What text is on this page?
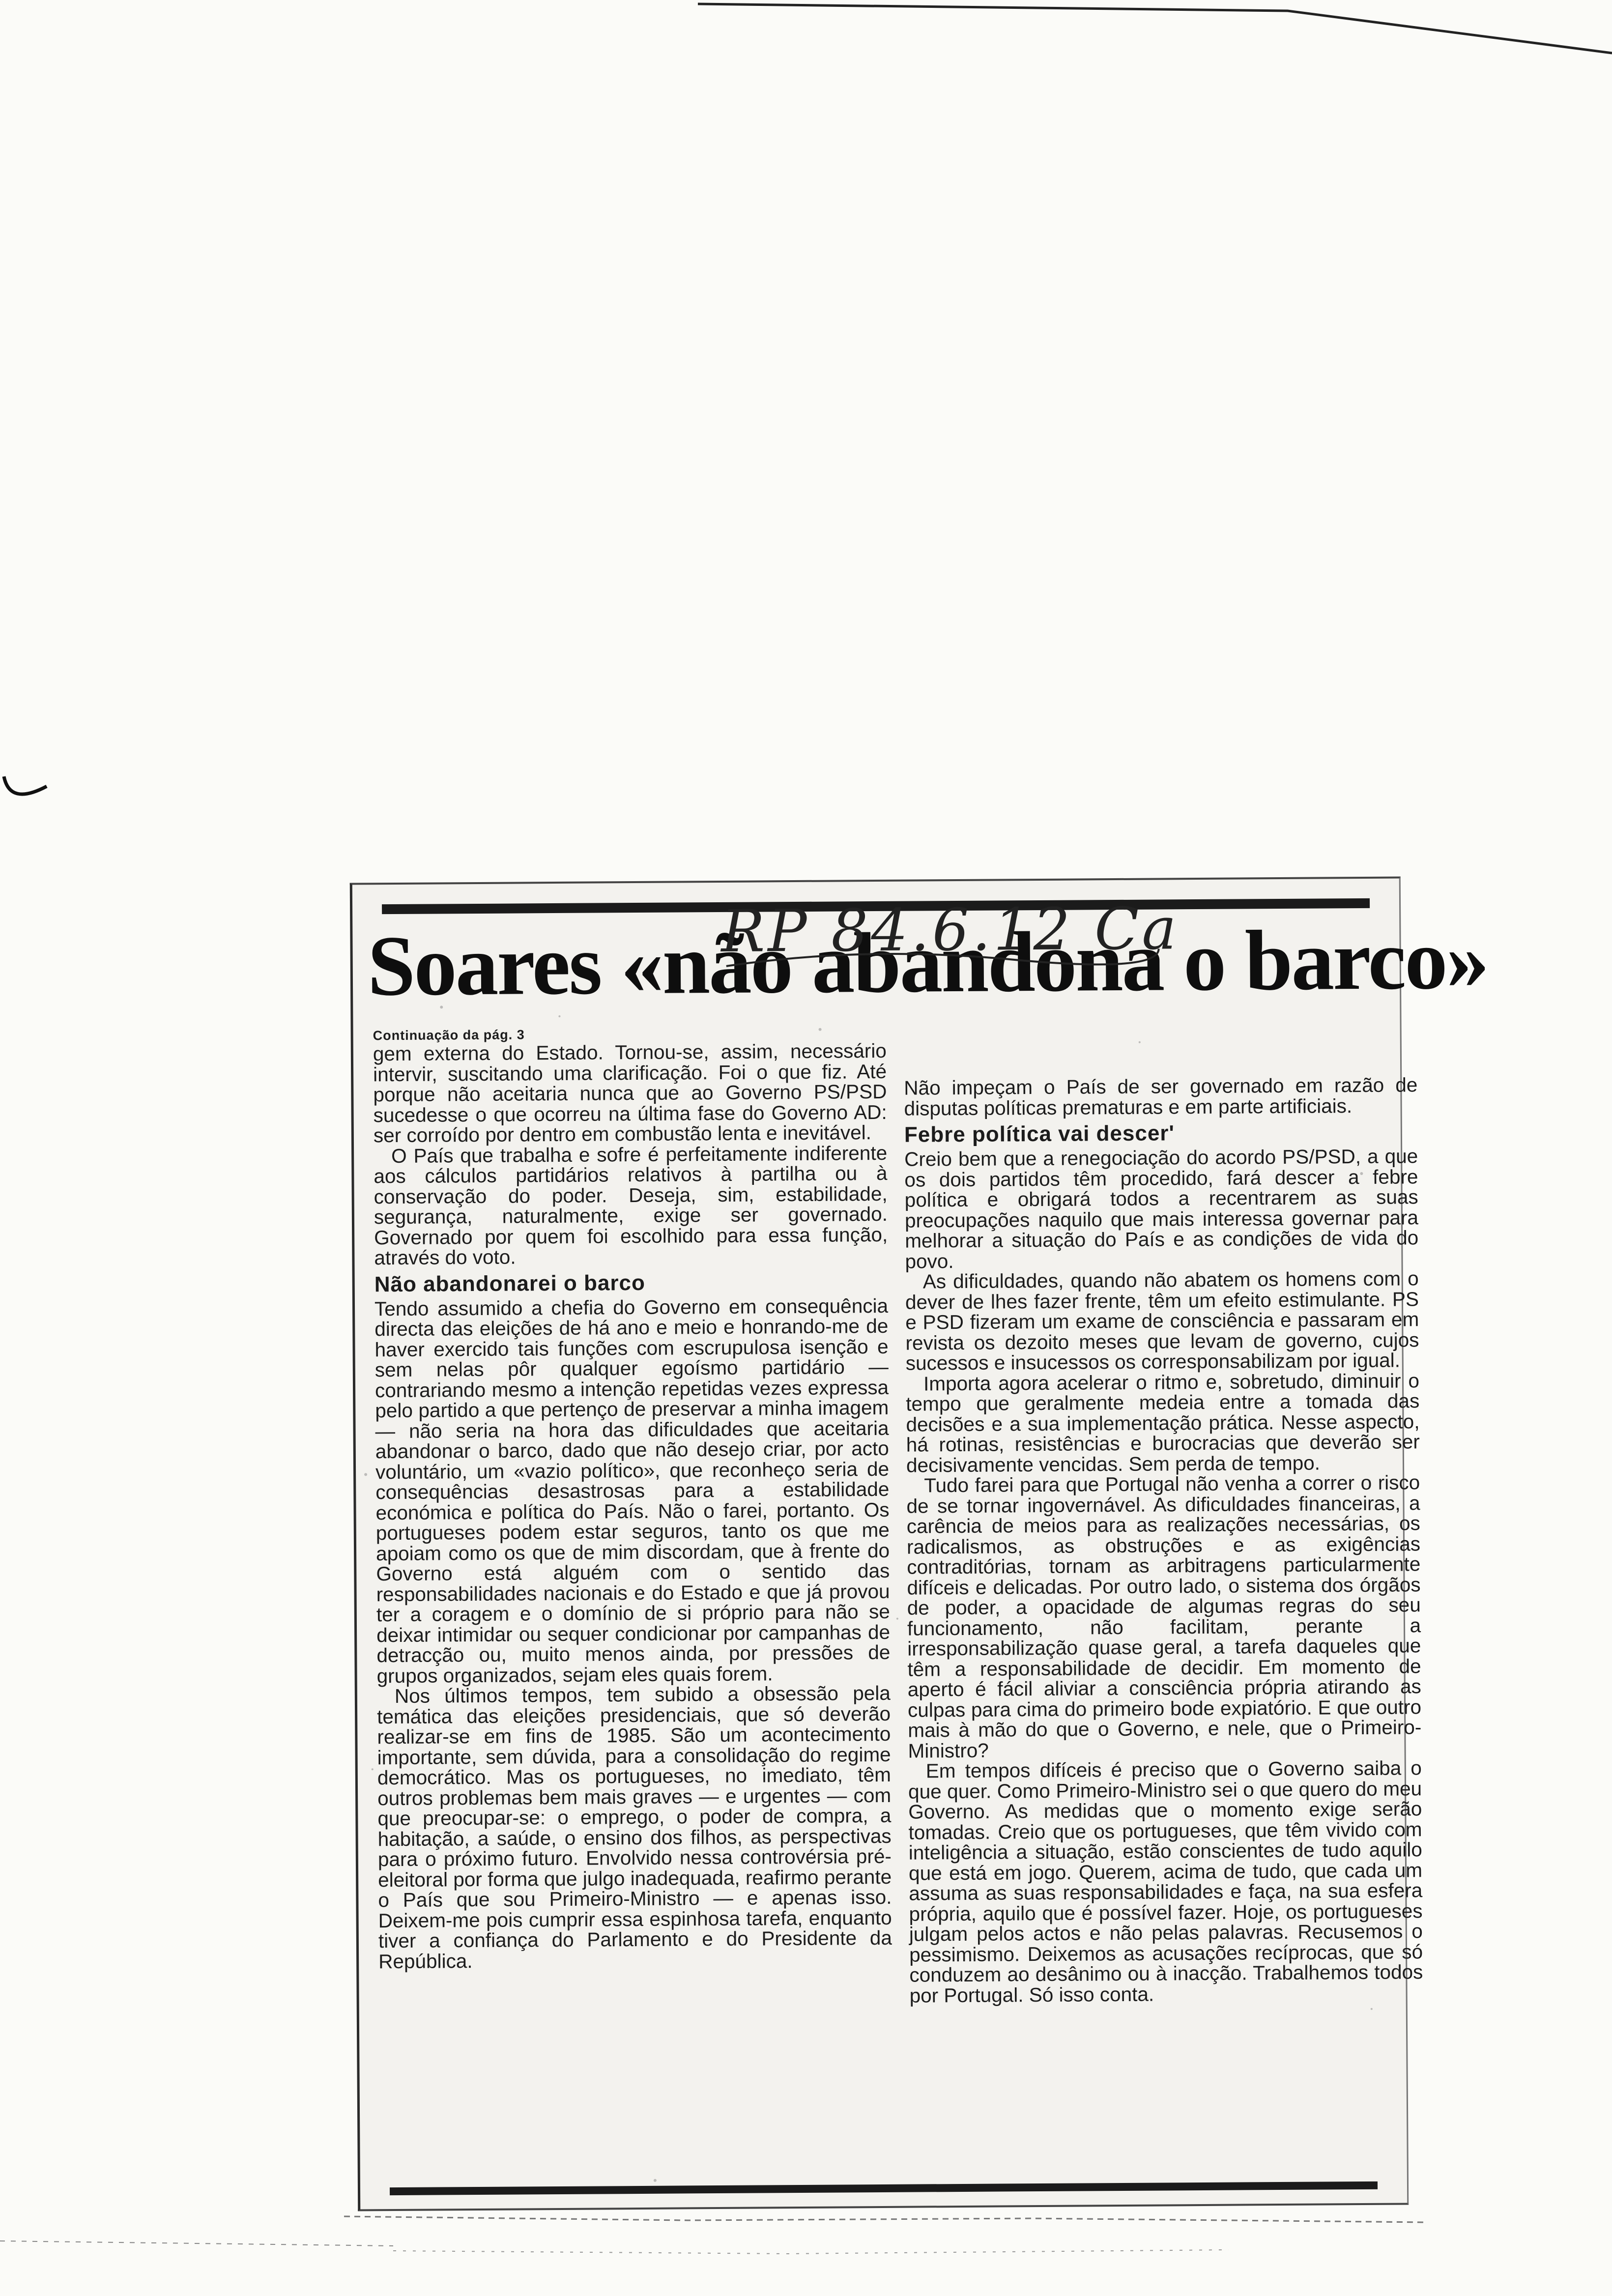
Soares «não abandona o barco»
RP 84.6.12 Cart
Continuação da pág. 3

gem externa do Estado. Tornou-se, assim, necessário intervir, suscitando uma clarificação. Foi o que fiz. Até porque não aceitaria nunca que ao Governo PS/PSD sucedesse o que ocorreu na última fase do Governo AD: ser corroído por dentro em combustão lenta e inevitável.

O País que trabalha e sofre é perfeitamente indiferente aos cálculos partidários relativos à partilha ou à conservação do poder. Deseja, sim, estabilidade, segurança, naturalmente, exige ser governado. Governado por quem foi escolhido para essa função, através do voto.

Não abandonarei o barco

Tendo assumido a chefia do Governo em consequência directa das eleições de há ano e meio e honrando-me de haver exercido tais funções com escrupulosa isenção e sem nelas pôr qualquer egoísmo partidário — contrariando mesmo a intenção repetidas vezes expressa pelo partido a que pertenço de preservar a minha imagem — não seria na hora das dificuldades que aceitaria abandonar o barco, dado que não desejo criar, por acto voluntário, um «vazio político», que reconheço seria de consequências desastrosas para a estabilidade económica e política do País. Não o farei, portanto. Os portugueses podem estar seguros, tanto os que me apoiam como os que de mim discordam, que à frente do Governo está alguém com o sentido das responsabilidades nacionais e do Estado e que já provou ter a coragem e o domínio de si próprio para não se deixar intimidar ou sequer condicionar por campanhas de detracção ou, muito menos ainda, por pressões de grupos organizados, sejam eles quais forem.

Nos últimos tempos, tem subido a obsessão pela temática das eleições presidenciais, que só deverão realizar-se em fins de 1985. São um acontecimento importante, sem dúvida, para a consolidação do regime democrático. Mas os portugueses, no imediato, têm outros problemas bem mais graves — e urgentes — com que preocupar-se: o emprego, o poder de compra, a habitação, a saúde, o ensino dos filhos, as perspectivas para o próximo futuro. Envolvido nessa controvérsia pré-eleitoral por forma que julgo inadequada, reafirmo perante o País que sou Primeiro-Ministro — e apenas isso. Deixem-me pois cumprir essa espinhosa tarefa, enquanto tiver a confiança do Parlamento e do Presidente da República.

Não impeçam o País de ser governado em razão de disputas políticas prematuras e em parte artificiais.

Febre política vai descer'

Creio bem que a renegociação do acordo PS/PSD, a que os dois partidos têm procedido, fará descer a febre política e obrigará todos a recentrarem as suas preocupações naquilo que mais interessa governar para melhorar a situação do País e as condições de vida do povo.

As dificuldades, quando não abatem os homens com o dever de lhes fazer frente, têm um efeito estimulante. PS e PSD fizeram um exame de consciência e passaram em revista os dezoito meses que levam de governo, cujos sucessos e insucessos os corresponsabilizam por igual.

Importa agora acelerar o ritmo e, sobretudo, diminuir o tempo que geralmente medeia entre a tomada das decisões e a sua implementação prática. Nesse aspecto, há rotinas, resistências e burocracias que deverão ser decisivamente vencidas. Sem perda de tempo.

Tudo farei para que Portugal não venha a correr o risco de se tornar ingovernável. As dificuldades financeiras, a carência de meios para as realizações necessárias, os radicalismos, as obstruções e as exigências contraditórias, tornam as arbitragens particularmente difíceis e delicadas. Por outro lado, o sistema dos órgãos de poder, a opacidade de algumas regras do seu funcionamento, não facilitam, perante a irresponsabilização quase geral, a tarefa daqueles que têm a responsabilidade de decidir. Em momento de aperto é fácil aliviar a consciência própria atirando as culpas para cima do primeiro bode expiatório. E que outro mais à mão do que o Governo, e nele, que o Primeiro-Ministro?

Em tempos difíceis é preciso que o Governo saiba o que quer. Como Primeiro-Ministro sei o que quero do meu Governo. As medidas que o momento exige serão tomadas. Creio que os portugueses, que têm vivido com inteligência a situação, estão conscientes de tudo aquilo que está em jogo. Querem, acima de tudo, que cada um assuma as suas responsabilidades e faça, na sua esfera própria, aquilo que é possível fazer. Hoje, os portugueses julgam pelos actos e não pelas palavras. Recusemos o pessimismo. Deixemos as acusações recíprocas, que só conduzem ao desânimo ou à inacção. Trabalhemos todos por Portugal. Só isso conta.
